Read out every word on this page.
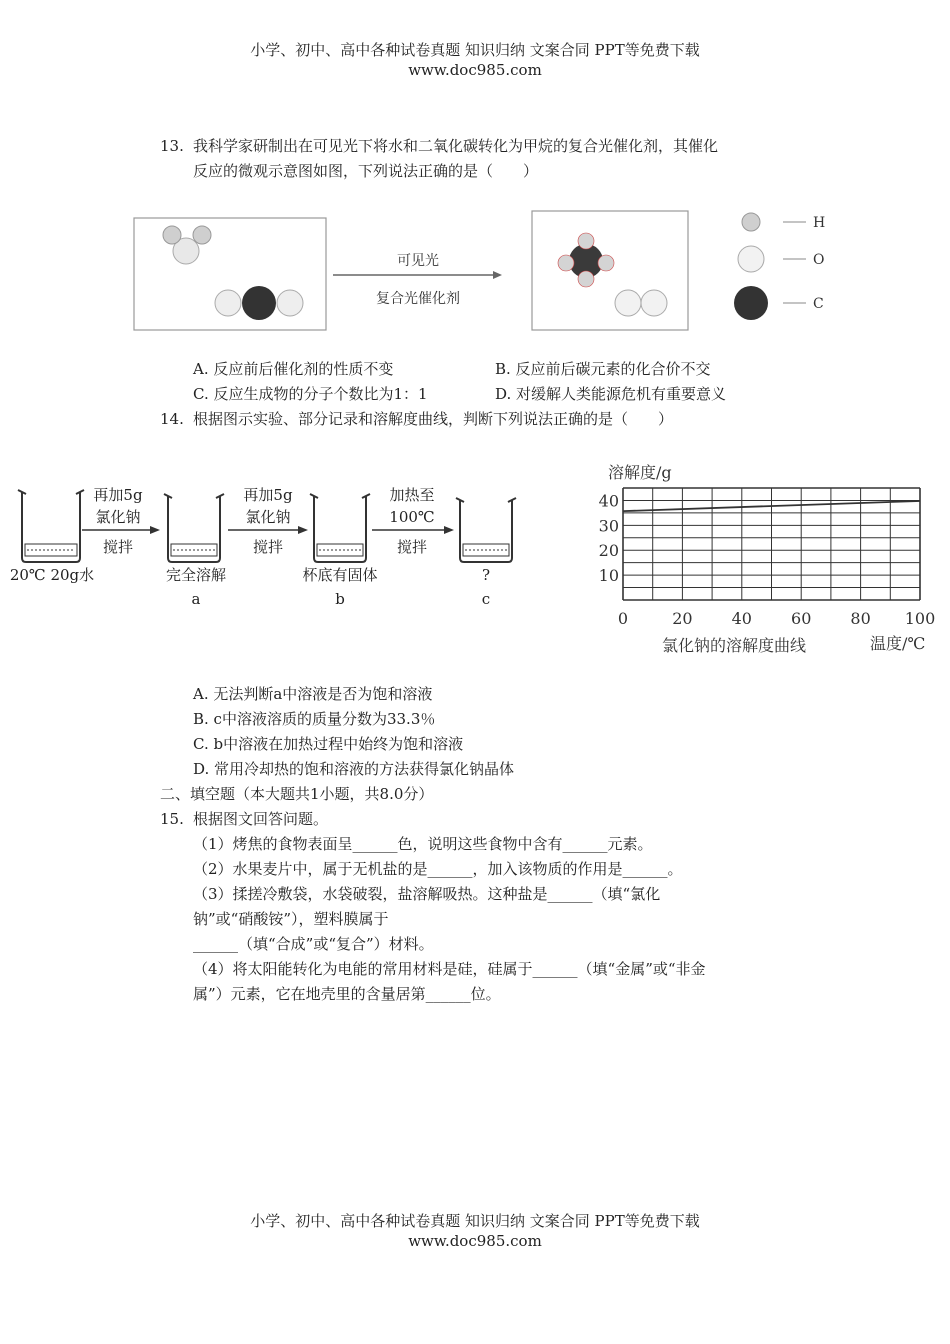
小学、初中、高中各种试卷真题 知识归纳 文案合同 PPT等免费下载
www.doc985.com
13. 我科学家研制出在可见光下将水和二氧化碳转化为甲烷的复合光催化剂，其催化
反应的微观示意图如图，下列说法正确的是（　　）
可见光
复合光催化剂
H
O
C
A. 反应前后催化剂的性质不变	B. 反应前后碳元素的化合价不交
C. 反应生成物的分子个数比为1：1	D. 对缓解人类能源危机有重要意义
14. 根据图示实验、部分记录和溶解度曲线，判断下列说法正确的是（　　）
20℃ 20g水
再加5g
氯化钠
搅拌
完全溶解
a
再加5g
氯化钠
搅拌
杯底有固体
b
加热至
100℃
搅拌
?
c
溶解度/g
10
20
30
40
0	20 40 60 80 100
氯化钠的溶解度曲线	温度/℃
A. 无法判断a中溶液是否为饱和溶液
B. c中溶液溶质的质量分数为33.3％
C. b中溶液在加热过程中始终为饱和溶液
D. 常用冷却热的饱和溶液的方法获得氯化钠晶体
二、填空题（本大题共1小题，共8.0分）
15. 根据图文回答问题。
（1）烤焦的食物表面呈______色，说明这些食物中含有______元素。
（2）水果麦片中，属于无机盐的是______，加入该物质的作用是______。
（3）揉搓冷敷袋，水袋破裂，盐溶解吸热。这种盐是______（填“氯化
钠”或“硝酸铵”），塑料膜属于
______（填“合成”或“复合”）材料。
（4）将太阳能转化为电能的常用材料是硅，硅属于______（填“金属”或“非金
属”）元素，它在地壳里的含量居第______位。
小学、初中、高中各种试卷真题 知识归纳 文案合同 PPT等免费下载
www.doc985.com
